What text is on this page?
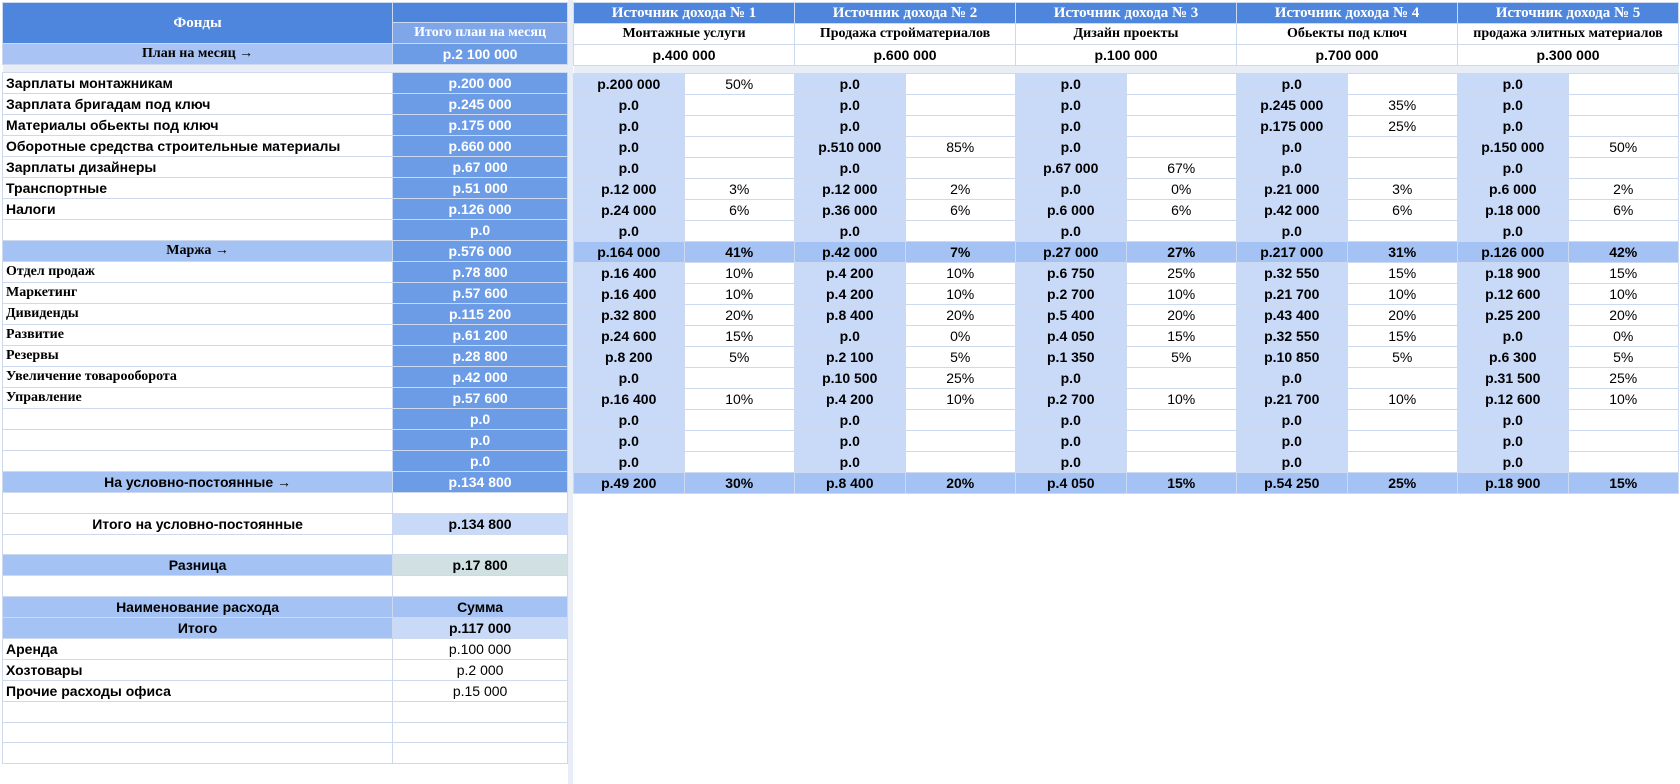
Фонды	
	Итого план на месяц
План на месяц →	р.2 100 000

Зарплаты монтажникам	р.200 000
Зарплата бригадам под ключ	р.245 000
Материалы обьекты под ключ	р.175 000
Оборотные средства строительные материалы	р.660 000
Зарплаты дизайнеры	р.67 000
Транспортные	р.51 000
Налоги	р.126 000
	р.0
Маржа →	р.576 000
Отдел продаж	р.78 800
Маркетинг	р.57 600
Дивиденды	р.115 200
Развитие	р.61 200
Резервы	р.28 800
Увеличение товарооборота	р.42 000
Управление	р.57 600
	р.0
	р.0
	р.0
На условно-постоянные →	р.134 800

Итого на условно-постоянные	р.134 800

Разница	р.17 800

Наименование расхода	Сумма
Итого	р.117 000
Аренда	р.100 000
Хозтовары	р.2 000
Прочие расходы офиса	р.15 000

Источник дохода № 1		Источник дохода № 2		Источник дохода № 3		Источник дохода № 4		Источник дохода № 5	
Монтажные услуги		Продажа стройматериалов		Дизайн проекты		Обьекты под ключ		продажа элитных материалов	
р.400 000		р.600 000		р.100 000		р.700 000		р.300 000	

р.200 000	50%	р.0		р.0		р.0		р.0	
р.0		р.0		р.0		р.245 000	35%	р.0	
р.0		р.0		р.0		р.175 000	25%	р.0	
р.0		р.510 000	85%	р.0		р.0		р.150 000	50%
р.0		р.0		р.67 000	67%	р.0		р.0	
р.12 000	3%	р.12 000	2%	р.0	0%	р.21 000	3%	р.6 000	2%
р.24 000	6%	р.36 000	6%	р.6 000	6%	р.42 000	6%	р.18 000	6%
р.0		р.0		р.0		р.0		р.0	
р.164 000	41%	р.42 000	7%	р.27 000	27%	р.217 000	31%	р.126 000	42%
р.16 400	10%	р.4 200	10%	р.6 750	25%	р.32 550	15%	р.18 900	15%
р.16 400	10%	р.4 200	10%	р.2 700	10%	р.21 700	10%	р.12 600	10%
р.32 800	20%	р.8 400	20%	р.5 400	20%	р.43 400	20%	р.25 200	20%
р.24 600	15%	р.0	0%	р.4 050	15%	р.32 550	15%	р.0	0%
р.8 200	5%	р.2 100	5%	р.1 350	5%	р.10 850	5%	р.6 300	5%
р.0		р.10 500	25%	р.0		р.0		р.31 500	25%
р.16 400	10%	р.4 200	10%	р.2 700	10%	р.21 700	10%	р.12 600	10%
р.0		р.0		р.0		р.0		р.0	
р.0		р.0		р.0		р.0		р.0	
р.0		р.0		р.0		р.0		р.0	
р.49 200	30%	р.8 400	20%	р.4 050	15%	р.54 250	25%	р.18 900	15%
